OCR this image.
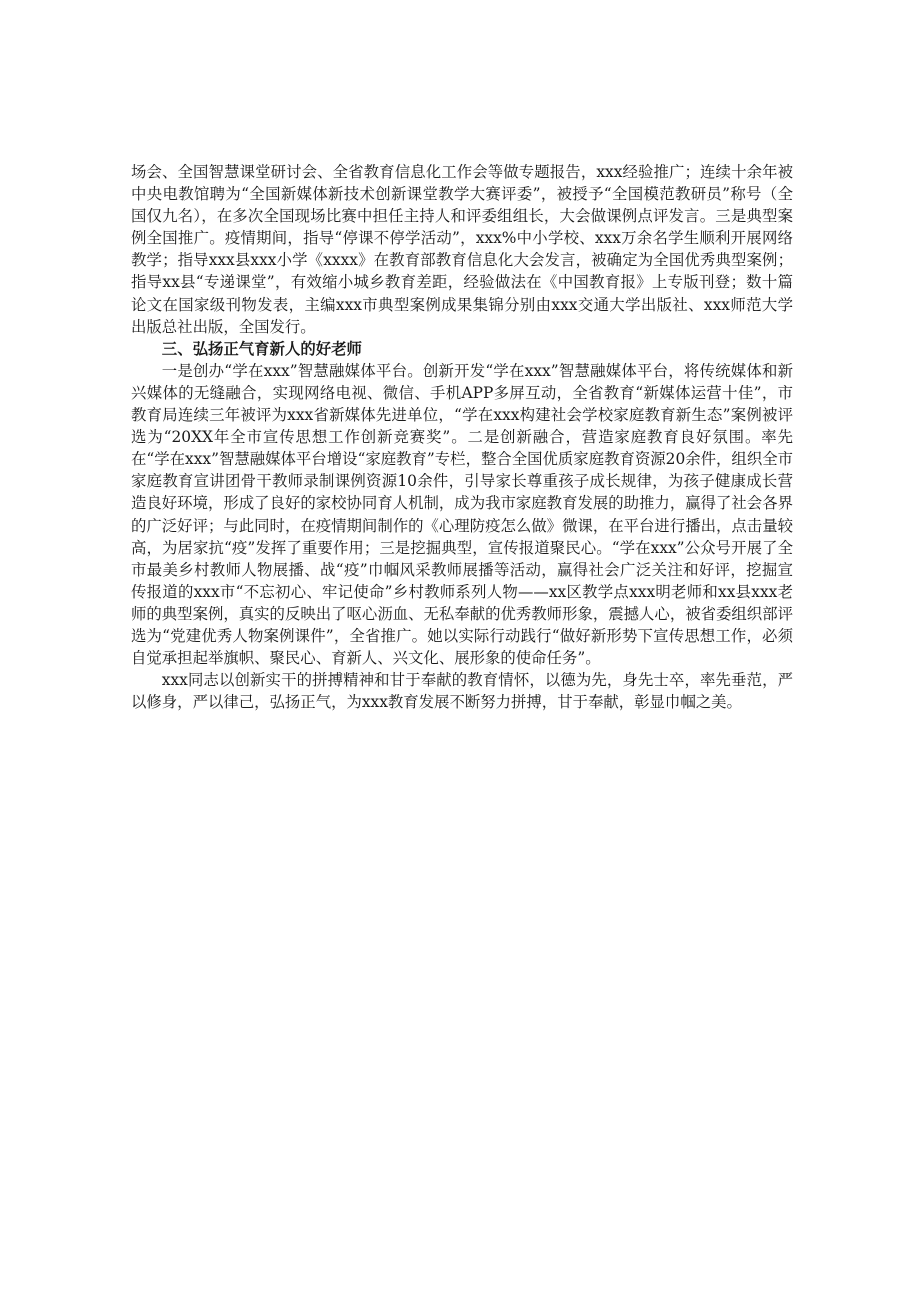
场会、全国智慧课堂研讨会、全省教育信息化工作会等做专题报告，xxx经验推广；连续十余年被中央电教馆聘为“全国新媒体新技术创新课堂教学大赛评委”，被授予“全国模范教研员”称号（全国仅九名），在多次全国现场比赛中担任主持人和评委组组长，大会做课例点评发言。三是典型案例全国推广。疫情期间，指导“停课不停学活动”，xxx%中小学校、xxx万余名学生顺利开展网络教学；指导xxx县xxx小学《xxxx》在教育部教育信息化大会发言，被确定为全国优秀典型案例；指导xx县“专递课堂”，有效缩小城乡教育差距，经验做法在《中国教育报》上专版刊登；数十篇论文在国家级刊物发表，主编xxx市典型案例成果集锦分别由xxx交通大学出版社、xxx师范大学出版总社出版，全国发行。

三、弘扬正气育新人的好老师

一是创办“学在xxx”智慧融媒体平台。创新开发“学在xxx”智慧融媒体平台，将传统媒体和新兴媒体的无缝融合，实现网络电视、微信、手机APP多屏互动，全省教育“新媒体运营十佳”，市教育局连续三年被评为xxx省新媒体先进单位，“学在xxx构建社会学校家庭教育新生态”案例被评选为“20XX年全市宣传思想工作创新竞赛奖”。二是创新融合，营造家庭教育良好氛围。率先在“学在xxx”智慧融媒体平台增设“家庭教育”专栏，整合全国优质家庭教育资源20余件，组织全市家庭教育宣讲团骨干教师录制课例资源10余件，引导家长尊重孩子成长规律，为孩子健康成长营造良好环境，形成了良好的家校协同育人机制，成为我市家庭教育发展的助推力，赢得了社会各界的广泛好评；与此同时，在疫情期间制作的《心理防疫怎么做》微课，在平台进行播出，点击量较高，为居家抗“疫”发挥了重要作用；三是挖掘典型，宣传报道聚民心。“学在xxx”公众号开展了全市最美乡村教师人物展播、战“疫”巾帼风采教师展播等活动，赢得社会广泛关注和好评，挖掘宣传报道的xxx市“不忘初心、牢记使命”乡村教师系列人物——xx区教学点xxx明老师和xx县xxx老师的典型案例，真实的反映出了呕心沥血、无私奉献的优秀教师形象，震撼人心，被省委组织部评选为“党建优秀人物案例课件”，全省推广。她以实际行动践行“做好新形势下宣传思想工作，必须自觉承担起举旗帜、聚民心、育新人、兴文化、展形象的使命任务”。

xxx同志以创新实干的拼搏精神和甘于奉献的教育情怀，以德为先，身先士卒，率先垂范，严以修身，严以律己，弘扬正气，为xxx教育发展不断努力拼搏，甘于奉献，彰显巾帼之美。
